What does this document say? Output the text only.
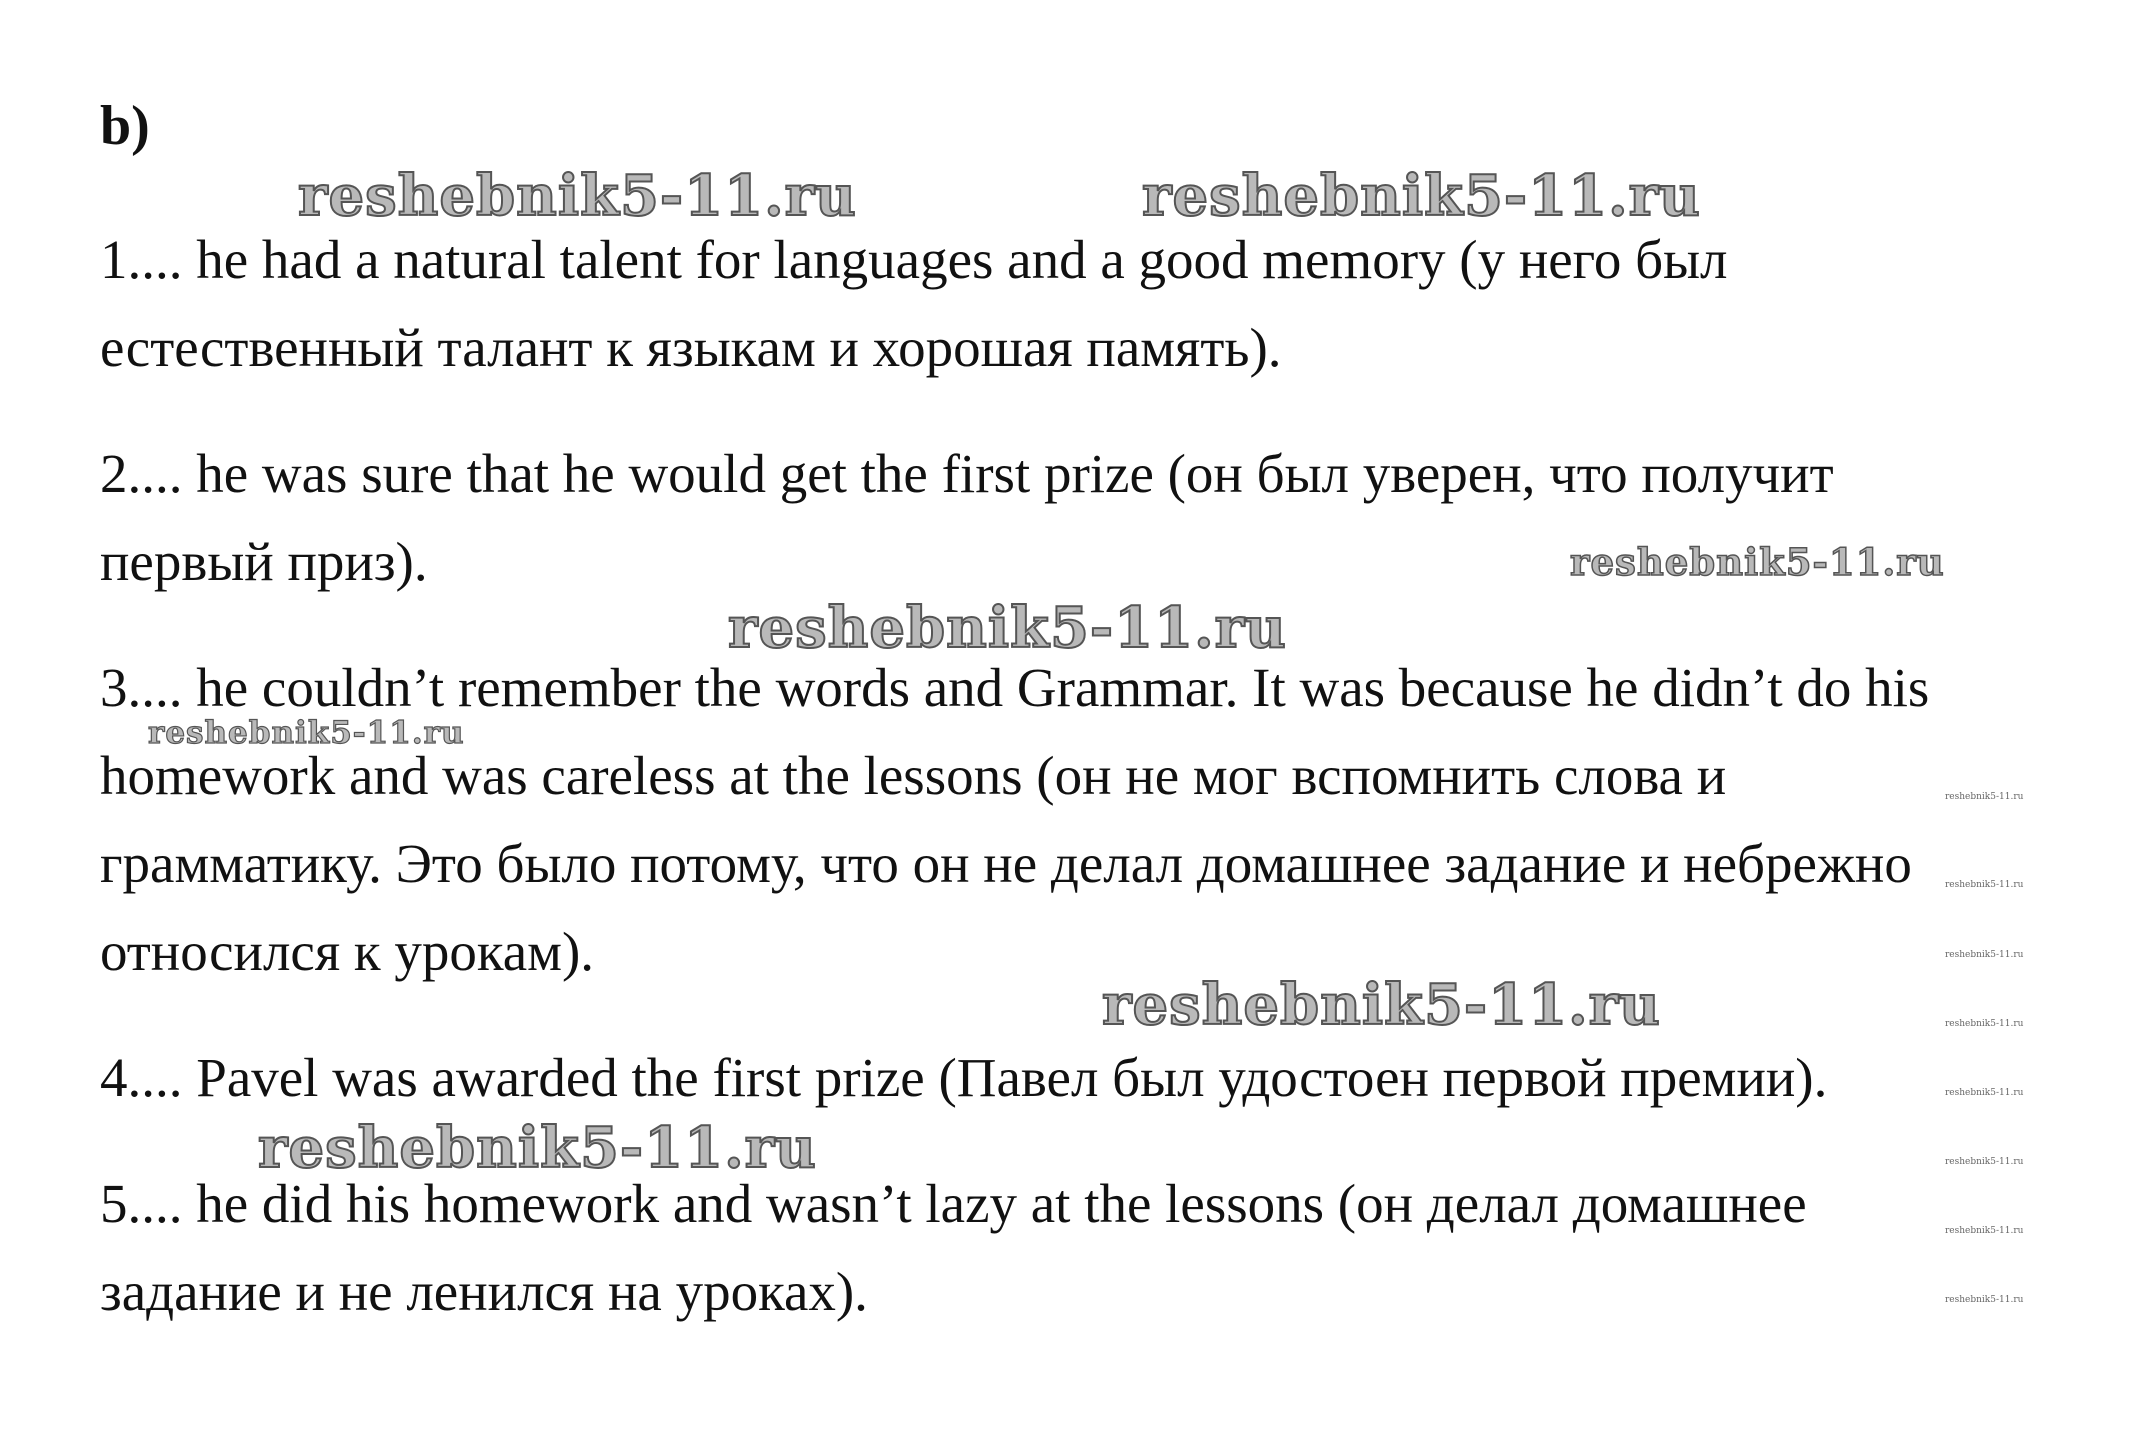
b)
reshebnik5-11.ru	reshebnik5-11.ru
reshebnik5-11.ru
reshebnik5-11.ru
reshebnik5-11.ru
reshebnik5-11.ru
reshebnik5-11.ru
reshebnik5-11.ru
reshebnik5-11.ru
reshebnik5-11.ru
reshebnik5-11.ru
reshebnik5-11.ru
reshebnik5-11.ru
reshebnik5-11.ru
reshebnik5-11.ru
1.... he had a natural talent for languages and a good memory (у него был
естественный талант к языкам и хорошая память).
2.... he was sure that he would get the first prize (он был уверен, что получит
первый приз).
3.... he couldn’t remember the words and Grammar. It was because he didn’t do his
homework and was careless at the lessons (он не мог вспомнить слова и
грамматику. Это было потому, что он не делал домашнее задание и небрежно
относился к урокам).
4.... Pavel was awarded the first prize (Павел был удостоен первой премии).
5.... he did his homework and wasn’t lazy at the lessons (он делал домашнее
задание и не ленился на уроках).
